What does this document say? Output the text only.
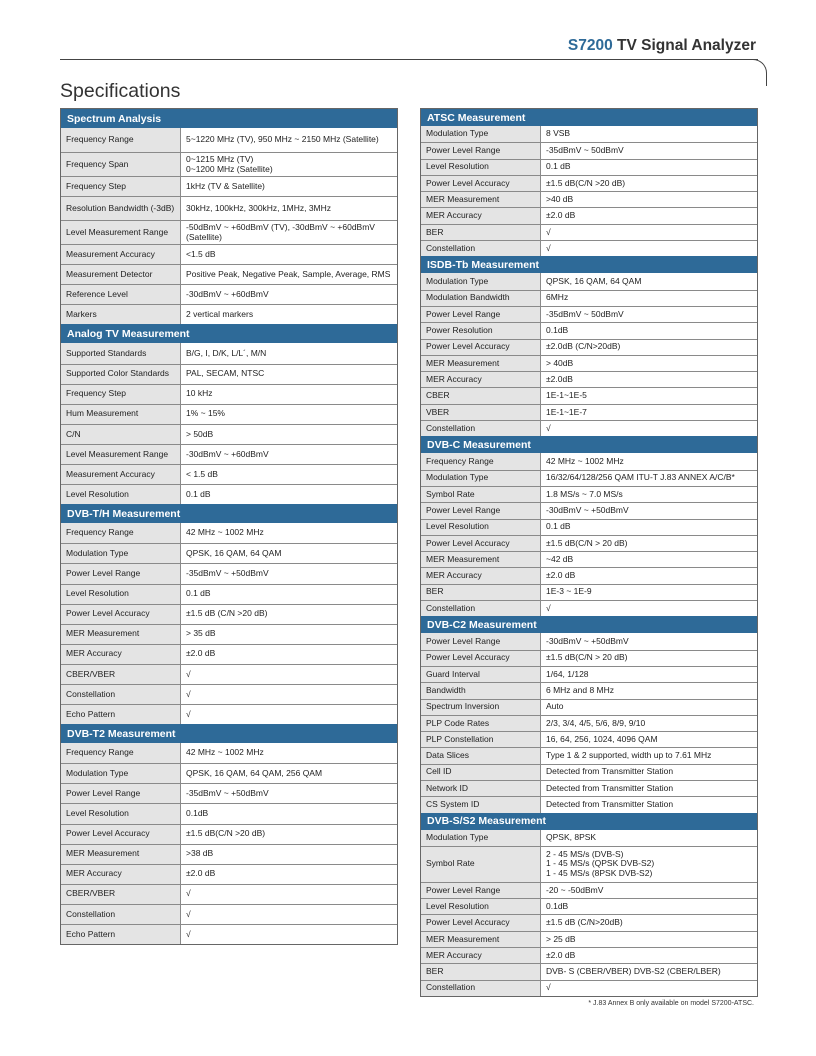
S7200 TV Signal Analyzer
Specifications
Spectrum Analysis
Frequency Range	5~1220 MHz (TV), 950 MHz ~ 2150 MHz (Satellite)
Frequency Span	0~1215 MHz (TV)
0~1200 MHz (Satellite)
Frequency Step	1kHz (TV & Satellite)
Resolution Bandwidth (-3dB)	30kHz, 100kHz, 300kHz, 1MHz, 3MHz
Level Measurement Range	-50dBmV ~ +60dBmV (TV), -30dBmV ~ +60dBmV (Satellite)
Measurement Accuracy	<1.5 dB
Measurement Detector	Positive Peak, Negative Peak, Sample, Average, RMS
Reference Level	-30dBmV ~ +60dBmV
Markers	2 vertical markers
Analog TV Measurement
Supported Standards	B/G, I, D/K, L/L´, M/N
Supported Color Standards	PAL, SECAM, NTSC
Frequency Step	10 kHz
Hum Measurement	1% ~ 15%
C/N	> 50dB
Level Measurement Range	-30dBmV ~ +60dBmV
Measurement Accuracy	< 1.5 dB
Level Resolution	0.1 dB
DVB-T/H Measurement
Frequency Range	42 MHz ~ 1002 MHz
Modulation Type	QPSK, 16 QAM, 64 QAM
Power Level Range	-35dBmV ~ +50dBmV
Level Resolution	0.1 dB
Power Level Accuracy	±1.5 dB (C/N >20 dB)
MER Measurement	> 35 dB
MER Accuracy	±2.0 dB
CBER/VBER	√
Constellation	√
Echo Pattern	√
DVB-T2 Measurement
Frequency Range	42 MHz ~ 1002 MHz
Modulation Type	QPSK, 16 QAM, 64 QAM, 256 QAM
Power Level Range	-35dBmV ~ +50dBmV
Level Resolution	0.1dB
Power Level Accuracy	±1.5 dB(C/N >20 dB)
MER Measurement	>38 dB
MER Accuracy	±2.0 dB
CBER/VBER	√
Constellation	√
Echo Pattern	√
ATSC Measurement
Modulation Type	8 VSB
Power Level Range	-35dBmV ~ 50dBmV
Level Resolution	0.1 dB
Power Level Accuracy	±1.5 dB(C/N >20 dB)
MER Measurement	>40 dB
MER Accuracy	±2.0 dB
BER	√
Constellation	√
ISDB-Tb Measurement
Modulation Type	QPSK, 16 QAM, 64 QAM
Modulation Bandwidth	6MHz
Power Level Range	-35dBmV ~ 50dBmV
Power Resolution	0.1dB
Power Level Accuracy	±2.0dB (C/N>20dB)
MER Measurement	> 40dB
MER Accuracy	±2.0dB
CBER	1E-1~1E-5
VBER	1E-1~1E-7
Constellation	√
DVB-C Measurement
Frequency Range	42 MHz ~ 1002 MHz
Modulation Type	16/32/64/128/256 QAM ITU-T J.83 ANNEX A/C/B*
Symbol Rate	1.8 MS/s ~ 7.0 MS/s
Power Level Range	-30dBmV ~ +50dBmV
Level Resolution	0.1 dB
Power Level Accuracy	±1.5 dB(C/N > 20 dB)
MER Measurement	~42 dB
MER Accuracy	±2.0 dB
BER	1E-3 ~ 1E-9
Constellation	√
DVB-C2 Measurement
Power Level Range	-30dBmV ~ +50dBmV
Power Level Accuracy	±1.5 dB(C/N > 20 dB)
Guard Interval	1/64, 1/128
Bandwidth	6 MHz and 8 MHz
Spectrum Inversion	Auto
PLP Code Rates	2/3, 3/4, 4/5, 5/6, 8/9, 9/10
PLP Constellation	16, 64, 256, 1024, 4096 QAM
Data Slices	Type 1 & 2 supported, width up to 7.61 MHz
Cell ID	Detected from Transmitter Station
Network ID	Detected from Transmitter Station
CS System ID	Detected from Transmitter Station
DVB-S/S2 Measurement
Modulation Type	QPSK, 8PSK
Symbol Rate
2 - 45 MS/s (DVB-S)
1 - 45 MS/s (QPSK DVB-S2)
1 - 45 MS/s (8PSK DVB-S2)
Power Level Range	-20 ~ -50dBmV
Level Resolution	0.1dB
Power Level Accuracy	±1.5 dB (C/N>20dB)
MER Measurement	> 25 dB
MER Accuracy	±2.0 dB
BER	DVB- S (CBER/VBER) DVB-S2 (CBER/LBER)
Constellation	√
* J.83 Annex B only available on model S7200-ATSC.
